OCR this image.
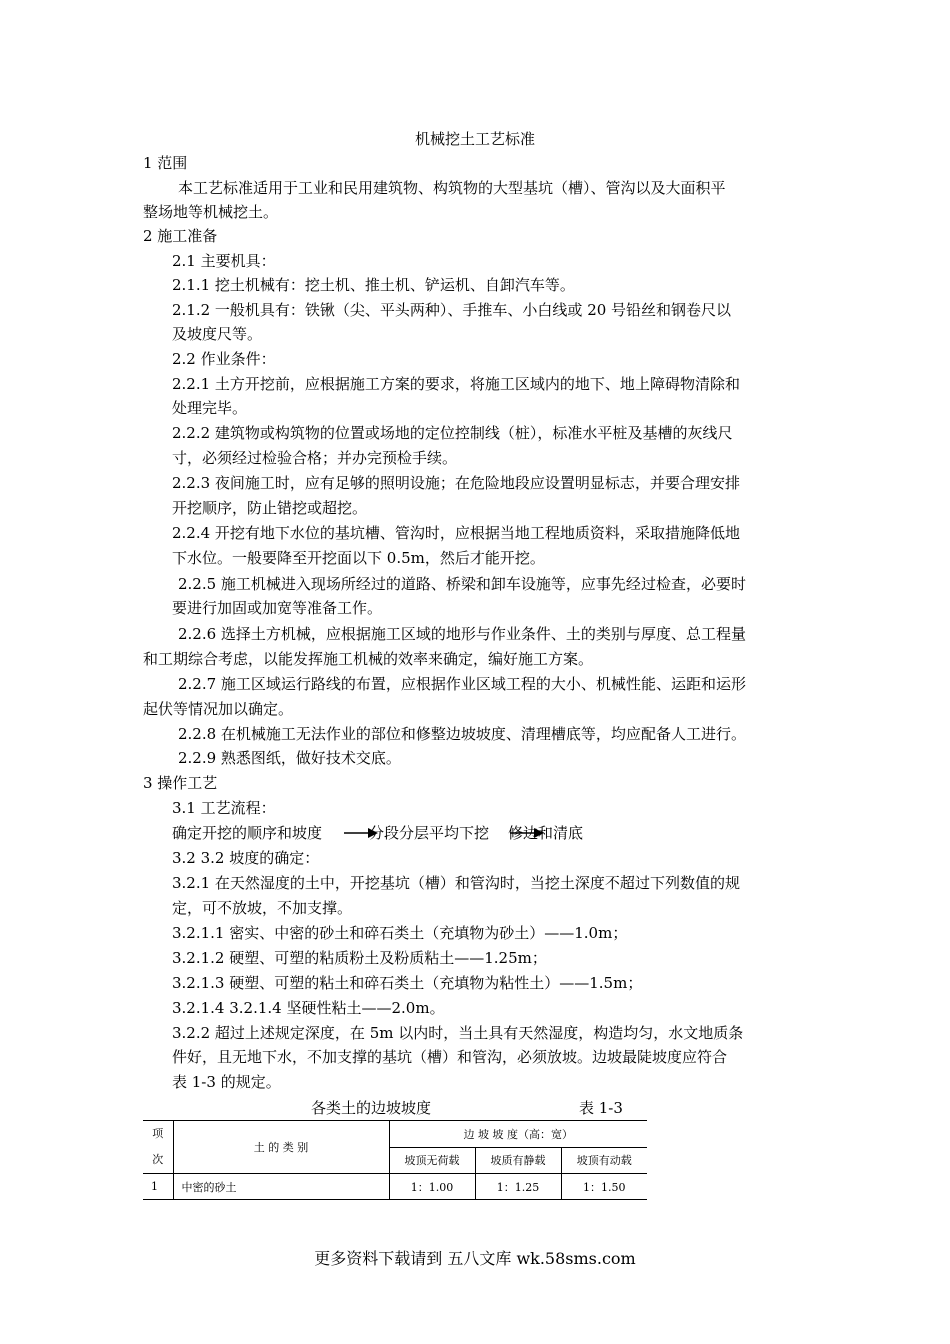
机械挖土工艺标准
1 范围
本工艺标准适用于工业和民用建筑物、构筑物的大型基坑（槽）、管沟以及大面积平
整场地等机械挖土。
2 施工准备
2.1 主要机具：
2.1.1 挖土机械有：挖土机、推土机、铲运机、自卸汽车等。
2.1.2 一般机具有：铁锹（尖、平头两种）、手推车、小白线或 20 号铅丝和钢卷尺以
及坡度尺等。
2.2 作业条件：
2.2.1 土方开挖前，应根据施工方案的要求，将施工区域内的地下、地上障碍物清除和
处理完毕。
2.2.2 建筑物或构筑物的位置或场地的定位控制线（桩），标准水平桩及基槽的灰线尺
寸，必须经过检验合格；并办完预检手续。
2.2.3 夜间施工时，应有足够的照明设施；在危险地段应设置明显标志，并要合理安排
开挖顺序，防止错挖或超挖。
2.2.4 开挖有地下水位的基坑槽、管沟时，应根据当地工程地质资料，采取措施降低地
下水位。一般要降至开挖面以下 0.5m，然后才能开挖。
2.2.5 施工机械进入现场所经过的道路、桥梁和卸车设施等，应事先经过检查，必要时
要进行加固或加宽等准备工作。
2.2.6 选择土方机械，应根据施工区域的地形与作业条件、土的类别与厚度、总工程量
和工期综合考虑，以能发挥施工机械的效率来确定，编好施工方案。
2.2.7 施工区域运行路线的布置，应根据作业区域工程的大小、机械性能、运距和运形
起伏等情况加以确定。
2.2.8 在机械施工无法作业的部位和修整边坡坡度、清理槽底等，均应配备人工进行。
2.2.9 熟悉图纸，做好技术交底。
3 操作工艺
3.1 工艺流程：
确定开挖的顺序和坡度	分段分层平均下挖 修边和清底
3.2 3.2 坡度的确定：
3.2.1 在天然湿度的土中，开挖基坑（槽）和管沟时，当挖土深度不超过下列数值的规
定，可不放坡，不加支撑。
3.2.1.1 密实、中密的砂土和碎石类土（充填物为砂土）——1.0m；
3.2.1.2 硬塑、可塑的粘质粉土及粉质粘土——1.25m；
3.2.1.3 硬塑、可塑的粘土和碎石类土（充填物为粘性土）——1.5m；
3.2.1.4 3.2.1.4 坚硬性粘土——2.0m。
3.2.2 超过上述规定深度，在 5m 以内时，当土具有天然湿度，构造均匀，水文地质条
件好，且无地下水，不加支撑的基坑（槽）和管沟，必须放坡。边坡最陡坡度应符合
表 1-3 的规定。
各类土的边坡坡度	表 1-3
项
次	土 的 类 别	边 坡 坡 度（高：宽）		
		坡顶无荷载	坡质有静载	坡顶有动载
1	中密的砂土	1：1.00	1：1.25	1：1.50
更多资料下载请到 五八文库 wk.58sms.com
